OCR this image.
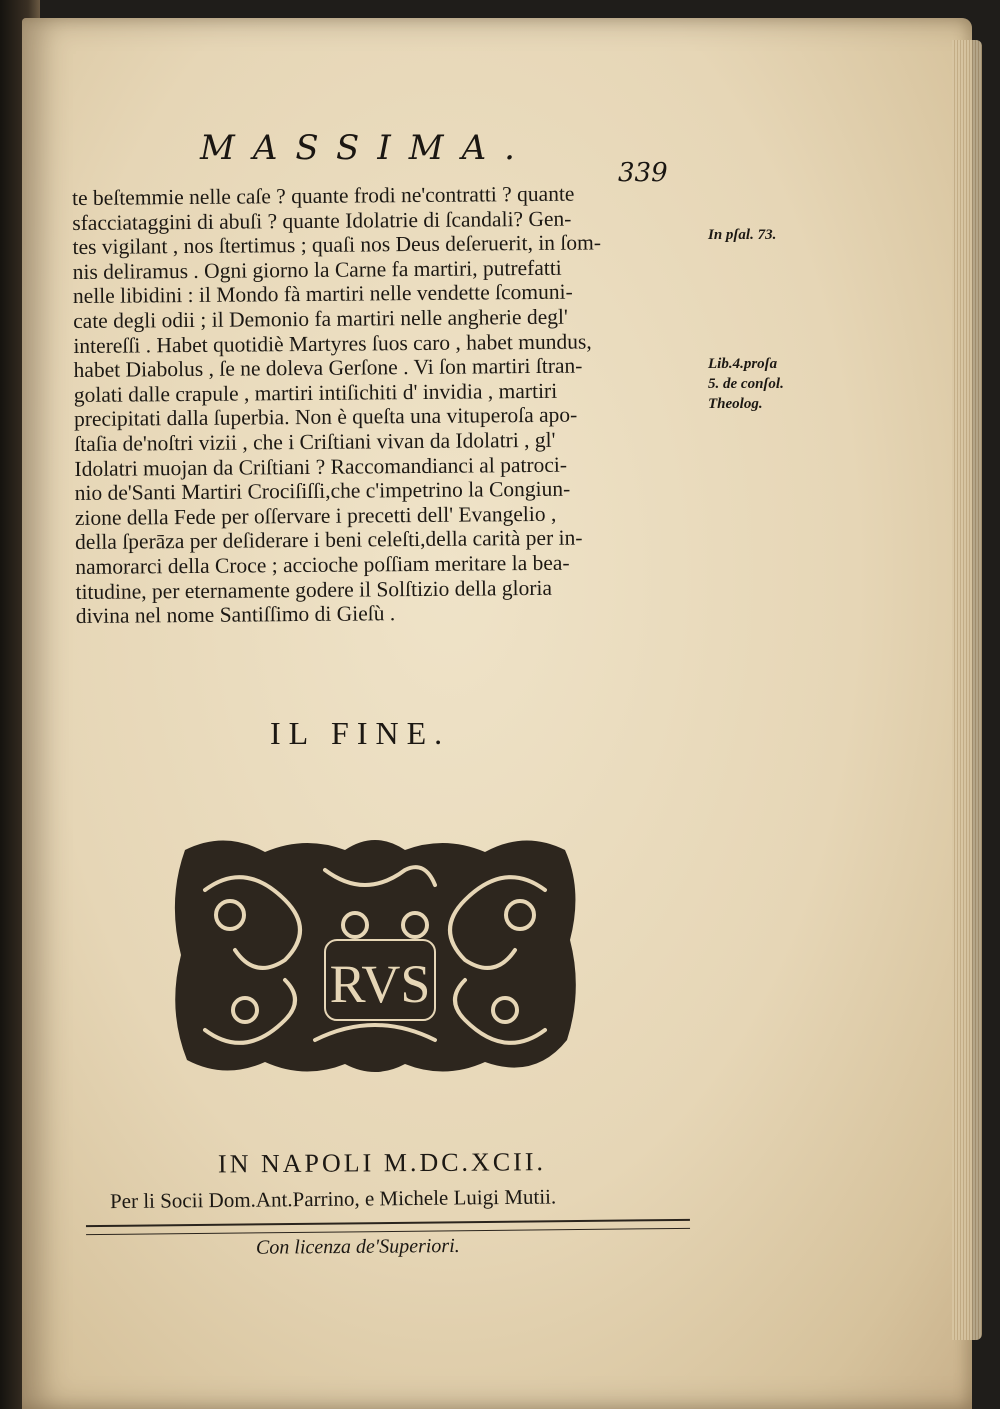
MASSIMA.
339
te beſtemmie nelle caſe ? quante frodi ne'contratti ? quante
sfacciataggini di abuſi ? quante Idolatrie di ſcandali? Gen-
tes vigilant , nos ſtertimus ; quaſi nos Deus deſeruerit, in ſom-
nis deliramus . Ogni giorno la Carne fa martiri, putrefatti
nelle libidini : il Mondo fà martiri nelle vendette ſcomuni-
cate degli odii ; il Demonio fa martiri nelle angherie degl'
intereſſi . Habet quotidiè Martyres ſuos caro , habet mundus,
habet Diabolus , ſe ne doleva Gerſone . Vi ſon martiri ſtran-
golati dalle crapule , martiri intiſichiti d' invidia , martiri
precipitati dalla ſuperbia. Non è queſta una vituperoſa apo-
ſtaſia de'noſtri vizii , che i Criſtiani vivan da Idolatri , gl'
Idolatri muojan da Criſtiani ? Raccomandianci al patroci-
nio de'Santi Martiri Crociſiſſi,che c'impetrino la Congiun-
zione della Fede per oſſervare i precetti dell' Evangelio ,
della ſperāza per deſiderare i beni celeſti,della carità per in-
namorarci della Croce ; accioche poſſiam meritare la bea-
titudine, per eternamente godere il Solſtizio della gloria
divina nel nome Santiſſimo di Gieſù .
In pſal. 73.
Lib.4.proſa
5. de conſol.
Theolog.
IL FINE.
RVS
IN NAPOLI M.DC.XCII.
Per li Socii Dom.Ant.Parrino, e Michele Luigi Mutii.
Con licenza de'Superiori.
